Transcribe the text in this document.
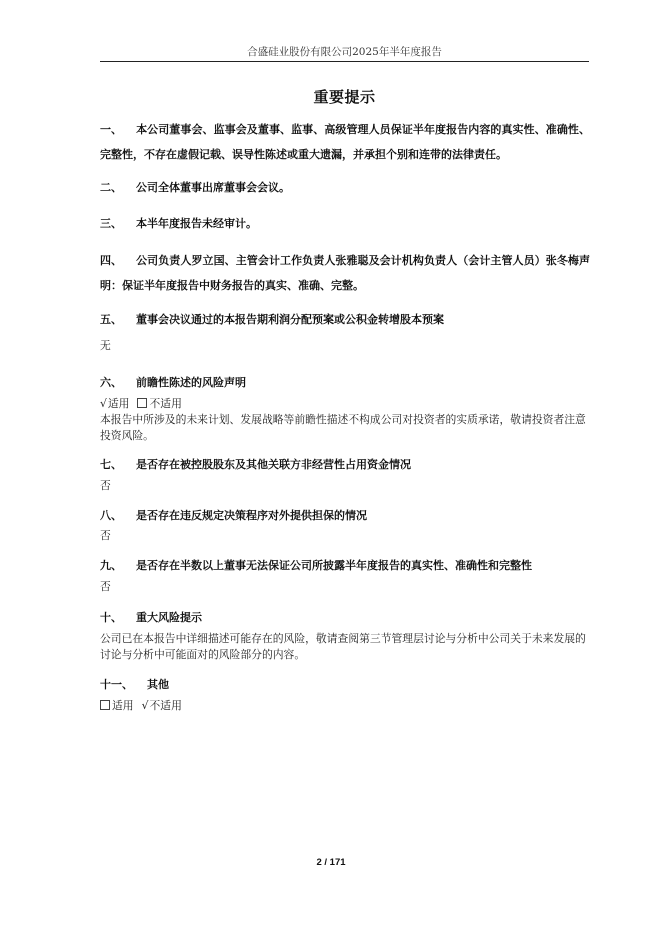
合盛硅业股份有限公司2025年半年度报告
重要提示
一、 本公司董事会、监事会及董事、监事、高级管理人员保证半年度报告内容的真实性、准确性、完整性，不存在虚假记载、误导性陈述或重大遗漏，并承担个别和连带的法律责任。
二、 公司全体董事出席董事会会议。
三、 本半年度报告未经审计。
四、 公司负责人罗立国、主管会计工作负责人张雅聪及会计机构负责人（会计主管人员）张冬梅声明：保证半年度报告中财务报告的真实、准确、完整。
五、 董事会决议通过的本报告期利润分配预案或公积金转增股本预案
无
六、 前瞻性陈述的风险声明
√适用 不适用
本报告中所涉及的未来计划、发展战略等前瞻性描述不构成公司对投资者的实质承诺，敬请投资者注意投资风险。
七、 是否存在被控股股东及其他关联方非经营性占用资金情况
否
八、 是否存在违反规定决策程序对外提供担保的情况
否
九、 是否存在半数以上董事无法保证公司所披露半年度报告的真实性、准确性和完整性
否
十、 重大风险提示
公司已在本报告中详细描述可能存在的风险，敬请查阅第三节管理层讨论与分析中公司关于未来发展的讨论与分析中可能面对的风险部分的内容。
十一、 其他
适用 √不适用
2 / 171
